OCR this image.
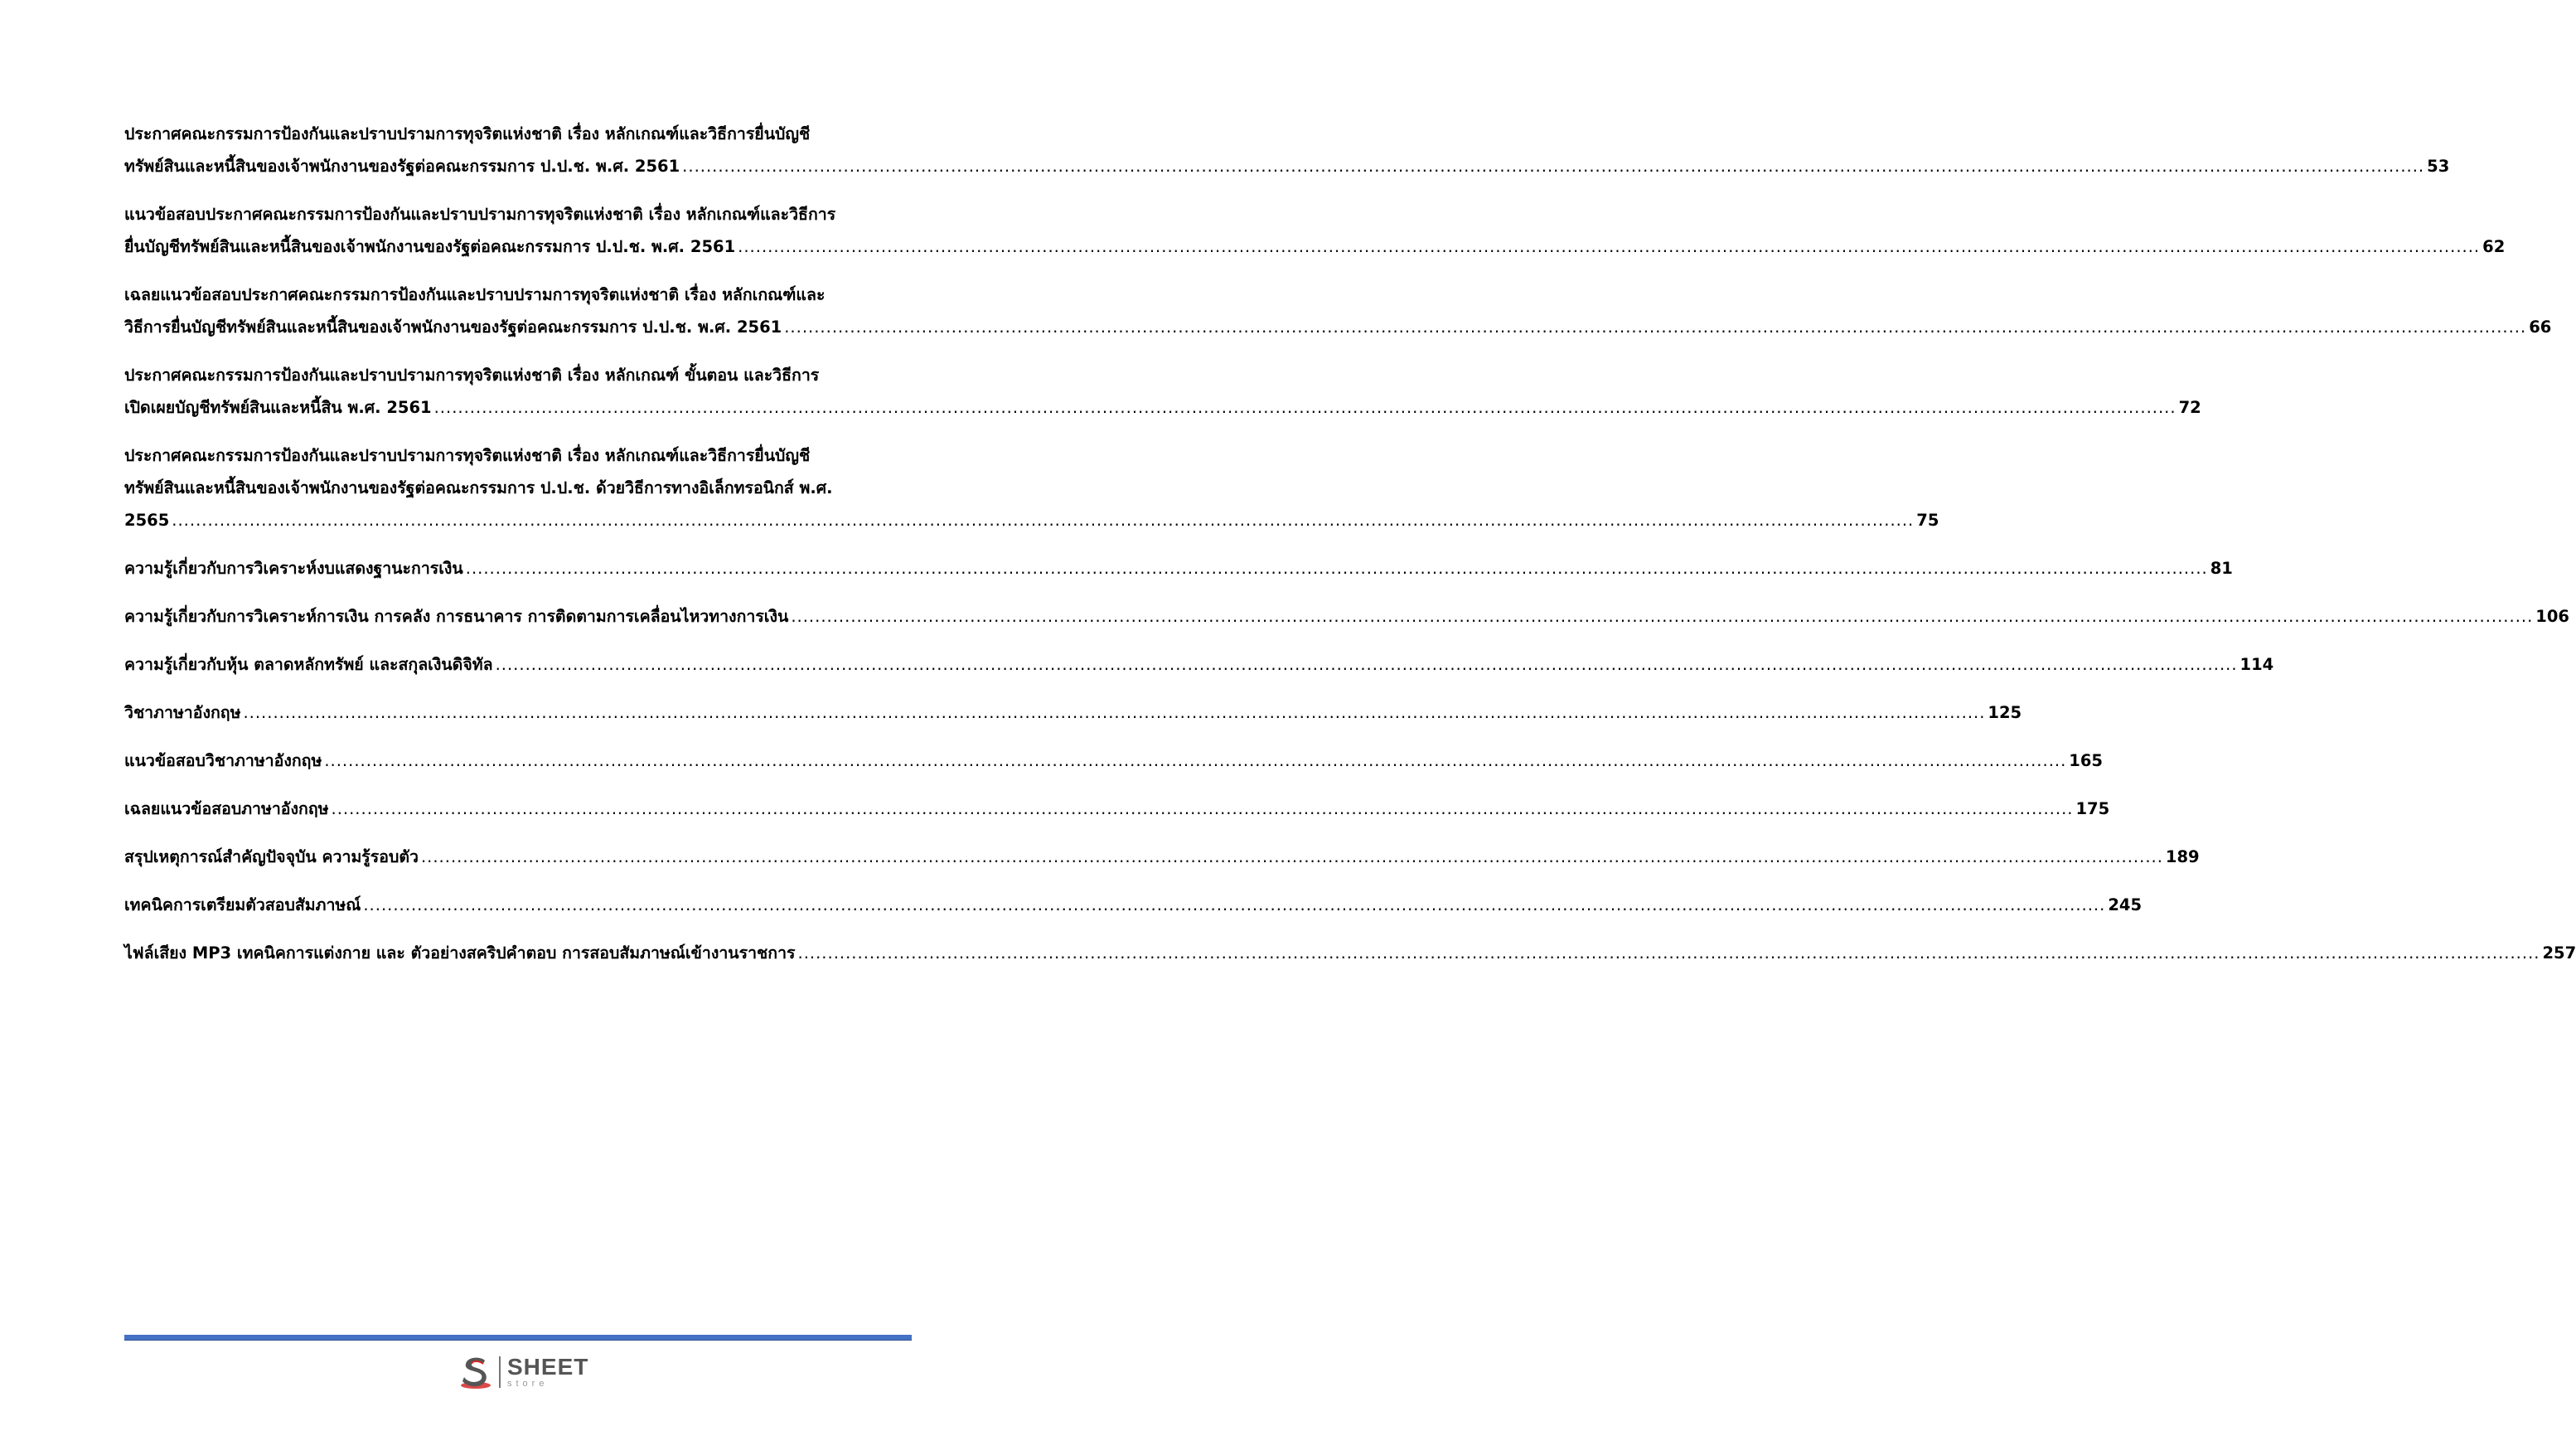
ประกาศคณะกรรมการป้องกันและปราบปรามการทุจริตแห่งชาติ เรื่อง หลักเกณฑ์และวิธีการยื่นบัญชี
ทรัพย์สินและหนี้สินของเจ้าพนักงานของรัฐต่อคณะกรรมการ ป.ป.ช. พ.ศ. 2561 .....	53
แนวข้อสอบประกาศคณะกรรมการป้องกันและปราบปรามการทุจริตแห่งชาติ เรื่อง หลักเกณฑ์และวิธีการ
ยื่นบัญชีทรัพย์สินและหนี้สินของเจ้าพนักงานของรัฐต่อคณะกรรมการ ป.ป.ช. พ.ศ. 2561 .....	62
เฉลยแนวข้อสอบประกาศคณะกรรมการป้องกันและปราบปรามการทุจริตแห่งชาติ เรื่อง หลักเกณฑ์และ
วิธีการยื่นบัญชีทรัพย์สินและหนี้สินของเจ้าพนักงานของรัฐต่อคณะกรรมการ ป.ป.ช. พ.ศ. 2561 .....	66
ประกาศคณะกรรมการป้องกันและปราบปรามการทุจริตแห่งชาติ เรื่อง หลักเกณฑ์ ขั้นตอน และวิธีการ
เปิดเผยบัญชีทรัพย์สินและหนี้สิน พ.ศ. 2561 .....	72
ประกาศคณะกรรมการป้องกันและปราบปรามการทุจริตแห่งชาติ เรื่อง หลักเกณฑ์และวิธีการยื่นบัญชี
ทรัพย์สินและหนี้สินของเจ้าพนักงานของรัฐต่อคณะกรรมการ ป.ป.ช. ด้วยวิธีการทางอิเล็กทรอนิกส์ พ.ศ.
2565 .....	75
ความรู้เกี่ยวกับการวิเคราะห์งบแสดงฐานะการเงิน .....	81
ความรู้เกี่ยวกับการวิเคราะห์การเงิน การคลัง การธนาคาร การติดตามการเคลื่อนไหวทางการเงิน .....	106
ความรู้เกี่ยวกับหุ้น ตลาดหลักทรัพย์ และสกุลเงินดิจิทัล .....	114
วิชาภาษาอังกฤษ .....	125
แนวข้อสอบวิชาภาษาอังกฤษ .....	165
เฉลยแนวข้อสอบภาษาอังกฤษ .....	175
สรุปเหตุการณ์สำคัญปัจจุบัน ความรู้รอบตัว .....	189
เทคนิคการเตรียมตัวสอบสัมภาษณ์ .....	245
ไฟล์เสียง MP3 เทคนิคการแต่งกาย และ ตัวอย่างสคริปคำตอบ การสอบสัมภาษณ์เข้างานราชการ .....	257
SHEET
store
